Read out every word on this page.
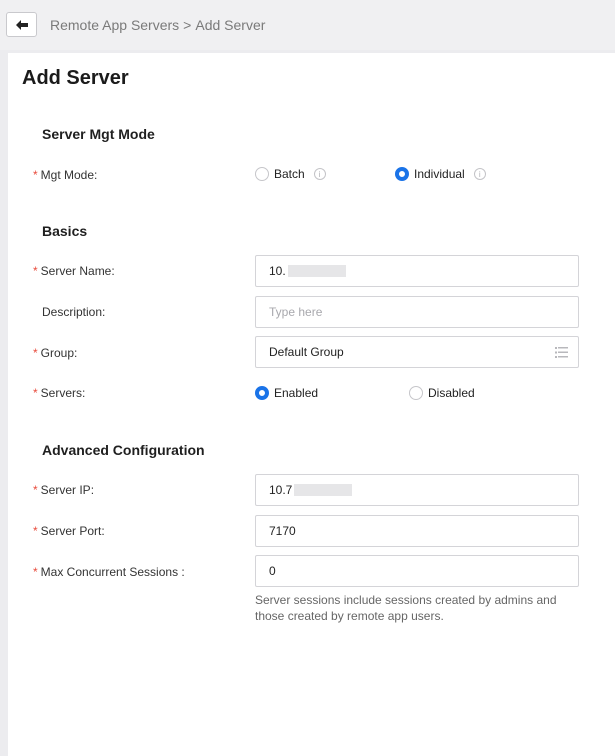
Remote App Servers > Add Server
Add Server
Server Mgt Mode
* Mgt Mode:	Batch	i	Individual	i
Basics
* Server Name:	10.
Description:	Type here
* Group:	Default Group
* Servers:	Enabled	Disabled
Advanced Configuration
* Server IP:	10.7
* Server Port:	7170
* Max Concurrent Sessions :	0
Server sessions include sessions created by admins and those created by remote app users.
